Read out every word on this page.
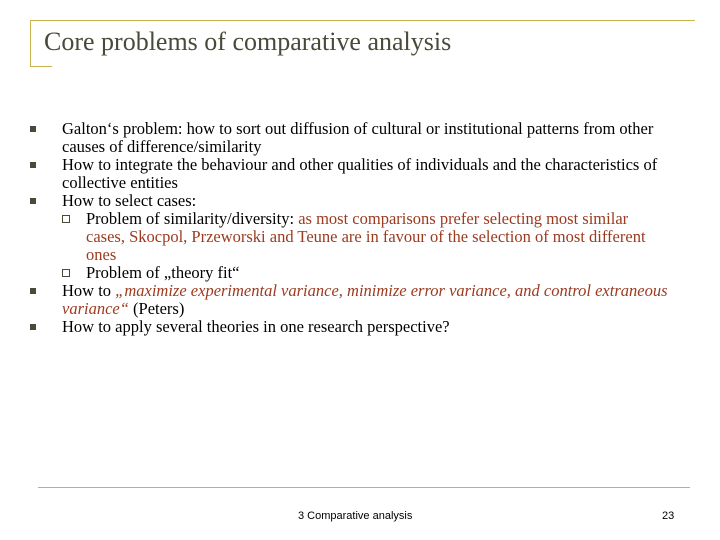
Core problems of comparative analysis
Galton‘s problem: how to sort out diffusion of cultural or institutional patterns from other causes of difference/similarity
How to integrate the behaviour and other qualities of individuals and the characteristics of collective entities
How to select cases:
Problem of similarity/diversity: as most comparisons prefer selecting most similar cases, Skocpol, Przeworski and Teune are in favour of the selection of most different ones
Problem of „theory fit“
How to „maximize experimental variance, minimize error variance, and control extraneous variance“ (Peters)
How to apply several theories in one research perspective?
3 Comparative analysis	23
